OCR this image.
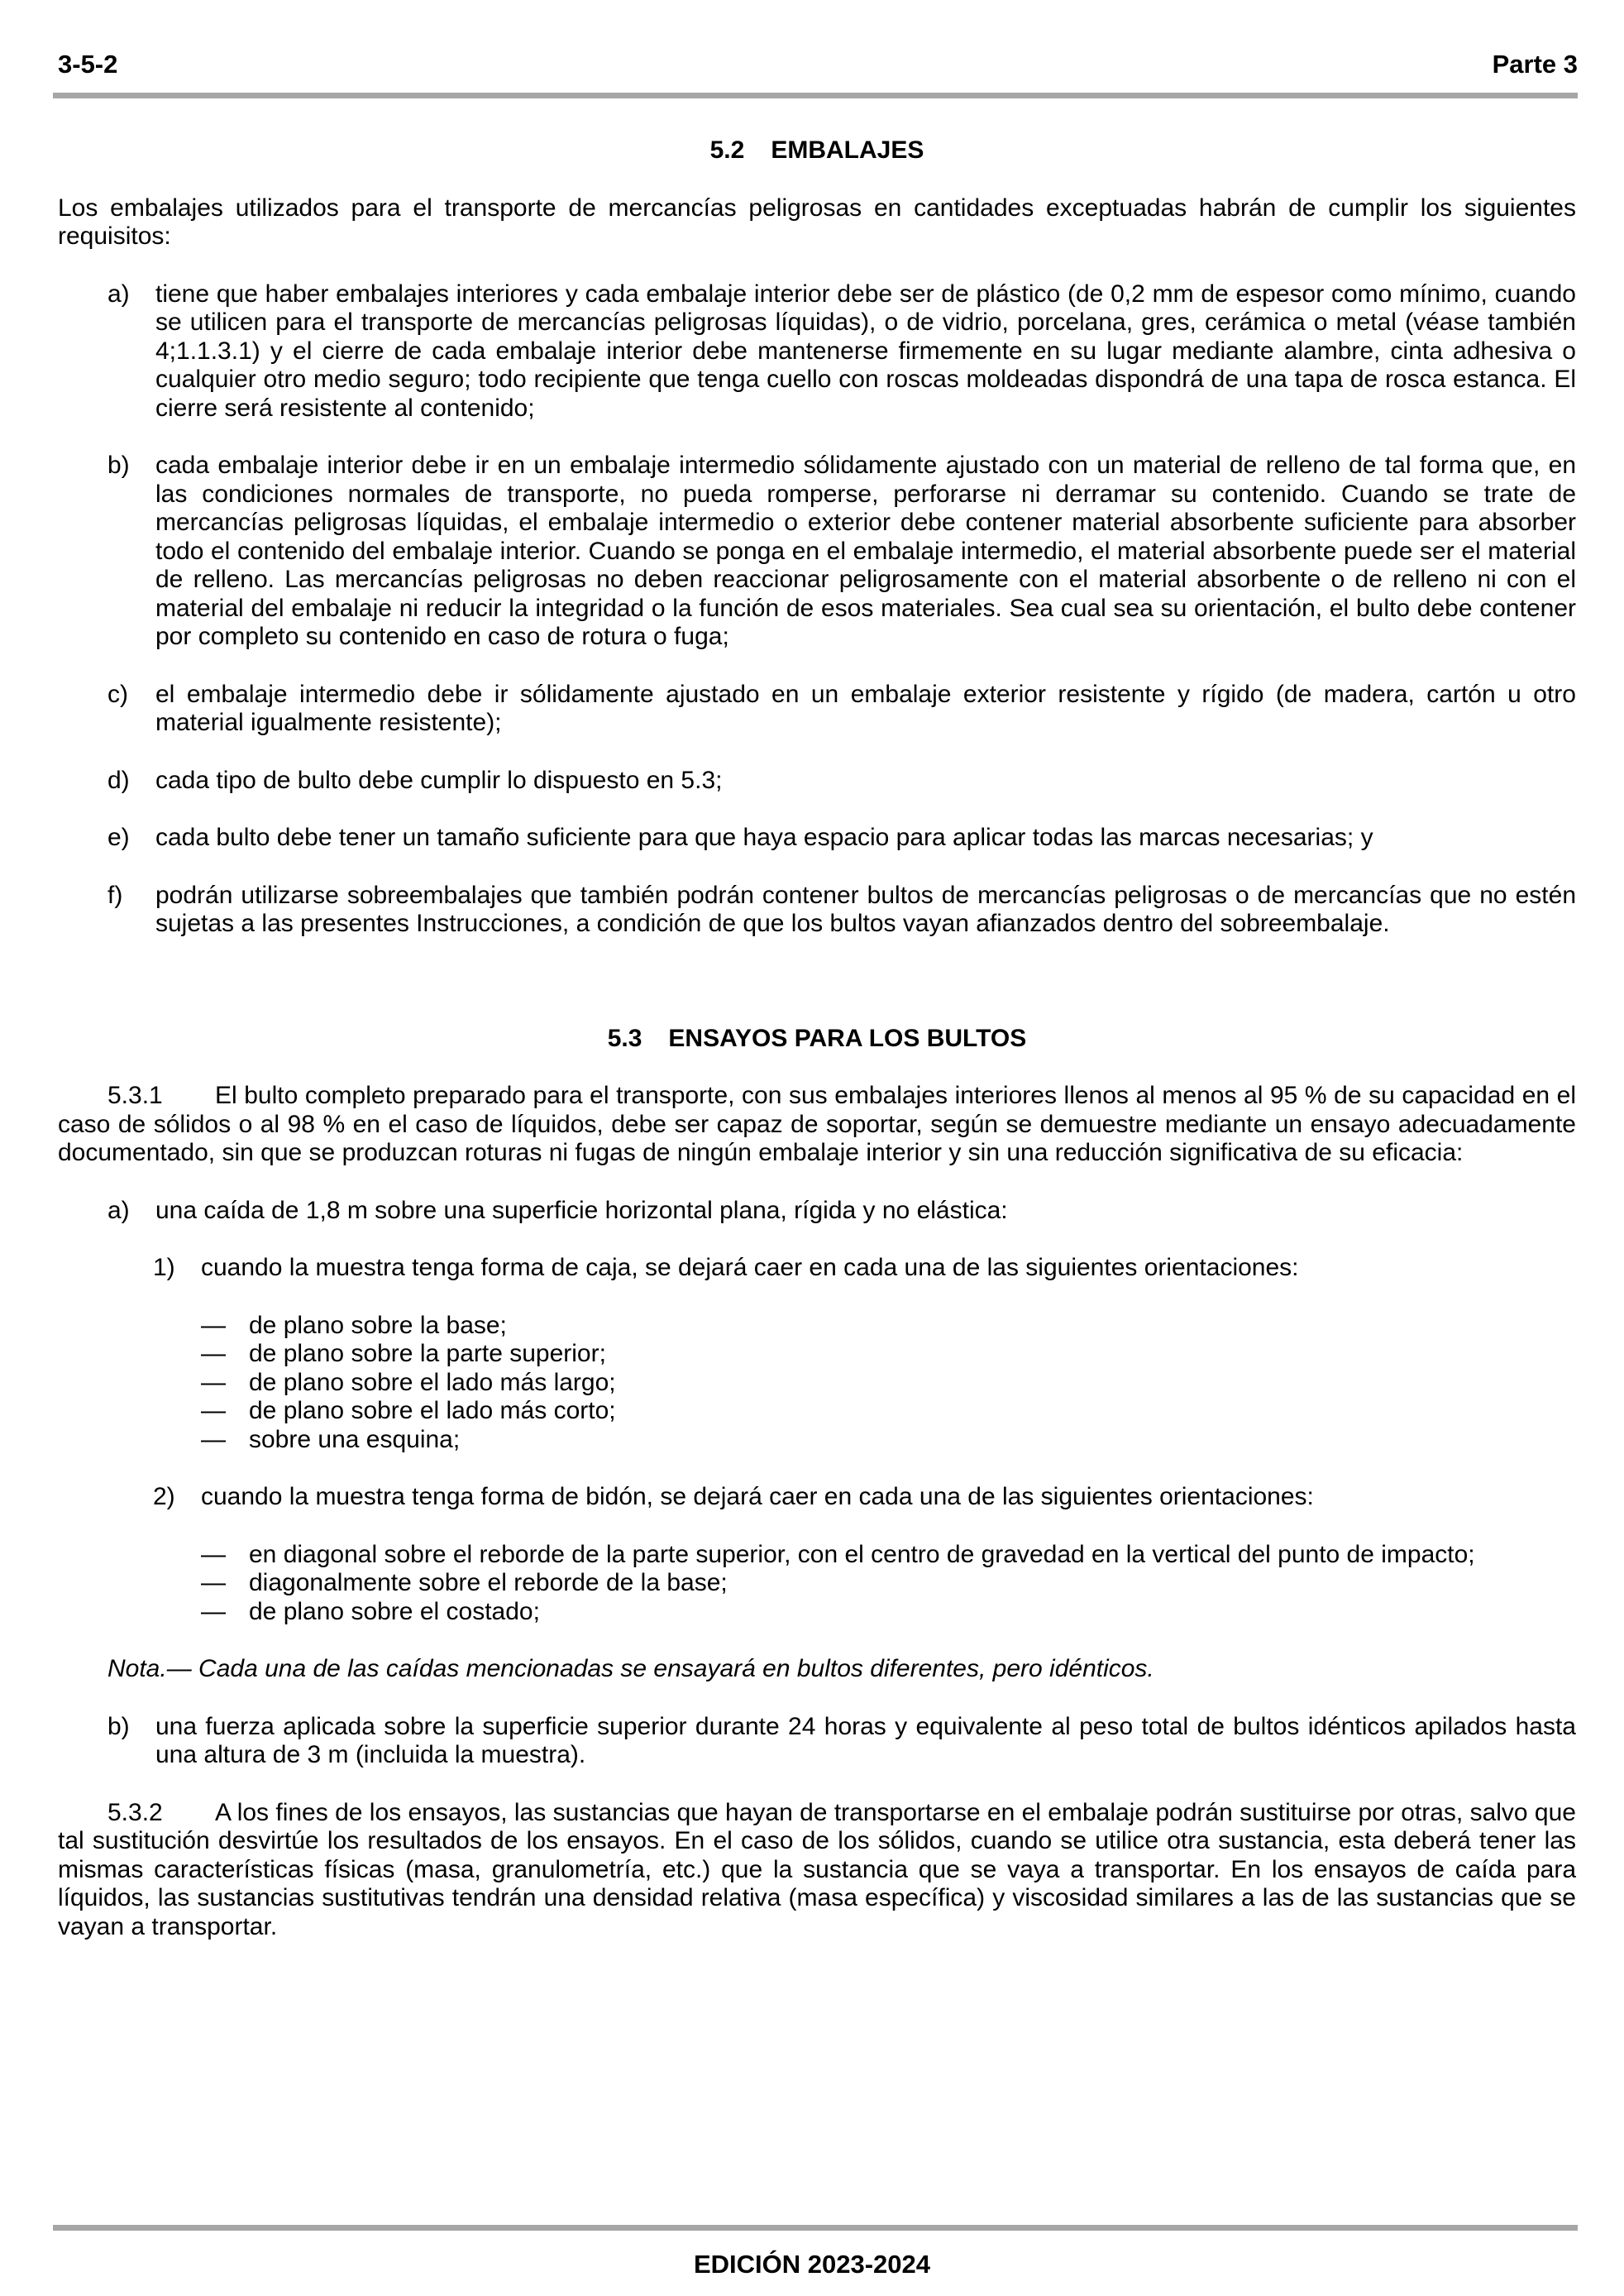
3-5-2	Parte 3
5.2 EMBALAJES

Los embalajes utilizados para el transporte de mercancías peligrosas en cantidades exceptuadas habrán de cumplir los siguientes requisitos:

a)	tiene que haber embalajes interiores y cada embalaje interior debe ser de plástico (de 0,2 mm de espesor como mínimo, cuando se utilicen para el transporte de mercancías peligrosas líquidas), o de vidrio, porcelana, gres, cerámica o metal (véase también 4;1.1.3.1) y el cierre de cada embalaje interior debe mantenerse firmemente en su lugar mediante alambre, cinta adhesiva o cualquier otro medio seguro; todo recipiente que tenga cuello con roscas moldeadas dispondrá de una tapa de rosca estanca. El cierre será resistente al contenido;
b)	cada embalaje interior debe ir en un embalaje intermedio sólidamente ajustado con un material de relleno de tal forma que, en las condiciones normales de transporte, no pueda romperse, perforarse ni derramar su contenido. Cuando se trate de mercancías peligrosas líquidas, el embalaje intermedio o exterior debe contener material absorbente suficiente para absorber todo el contenido del embalaje interior. Cuando se ponga en el embalaje intermedio, el material absorbente puede ser el material de relleno. Las mercancías peligrosas no deben reaccionar peligrosamente con el material absorbente o de relleno ni con el material del embalaje ni reducir la integridad o la función de esos materiales. Sea cual sea su orientación, el bulto debe contener por completo su contenido en caso de rotura o fuga;
c)	el embalaje intermedio debe ir sólidamente ajustado en un embalaje exterior resistente y rígido (de madera, cartón u otro material igualmente resistente);
d)	cada tipo de bulto debe cumplir lo dispuesto en 5.3;
e)	cada bulto debe tener un tamaño suficiente para que haya espacio para aplicar todas las marcas necesarias; y
f)	podrán utilizarse sobreembalajes que también podrán contener bultos de mercancías peligrosas o de mercancías que no estén sujetas a las presentes Instrucciones, a condición de que los bultos vayan afianzados dentro del sobreembalaje.
5.3 ENSAYOS PARA LOS BULTOS

5.3.1 El bulto completo preparado para el transporte, con sus embalajes interiores llenos al menos al 95 % de su capacidad en el caso de sólidos o al 98 % en el caso de líquidos, debe ser capaz de soportar, según se demuestre mediante un ensayo adecuadamente documentado, sin que se produzcan roturas ni fugas de ningún embalaje interior y sin una reducción significativa de su eficacia:

a)	una caída de 1,8 m sobre una superficie horizontal plana, rígida y no elástica:
1)	cuando la muestra tenga forma de caja, se dejará caer en cada una de las siguientes orientaciones:
— de plano sobre la base;
— de plano sobre la parte superior;
— de plano sobre el lado más largo;
— de plano sobre el lado más corto;
— sobre una esquina;
2)	cuando la muestra tenga forma de bidón, se dejará caer en cada una de las siguientes orientaciones:
— en diagonal sobre el reborde de la parte superior, con el centro de gravedad en la vertical del punto de impacto;
— diagonalmente sobre el reborde de la base;
— de plano sobre el costado;

Nota.— Cada una de las caídas mencionadas se ensayará en bultos diferentes, pero idénticos.

b)	una fuerza aplicada sobre la superficie superior durante 24 horas y equivalente al peso total de bultos idénticos apilados hasta una altura de 3 m (incluida la muestra).

5.3.2 A los fines de los ensayos, las sustancias que hayan de transportarse en el embalaje podrán sustituirse por otras, salvo que tal sustitución desvirtúe los resultados de los ensayos. En el caso de los sólidos, cuando se utilice otra sustancia, esta deberá tener las mismas características físicas (masa, granulometría, etc.) que la sustancia que se vaya a transportar. En los ensayos de caída para líquidos, las sustancias sustitutivas tendrán una densidad relativa (masa específica) y viscosidad similares a las de las sustancias que se vayan a transportar.

EDICIÓN 2023-2024
